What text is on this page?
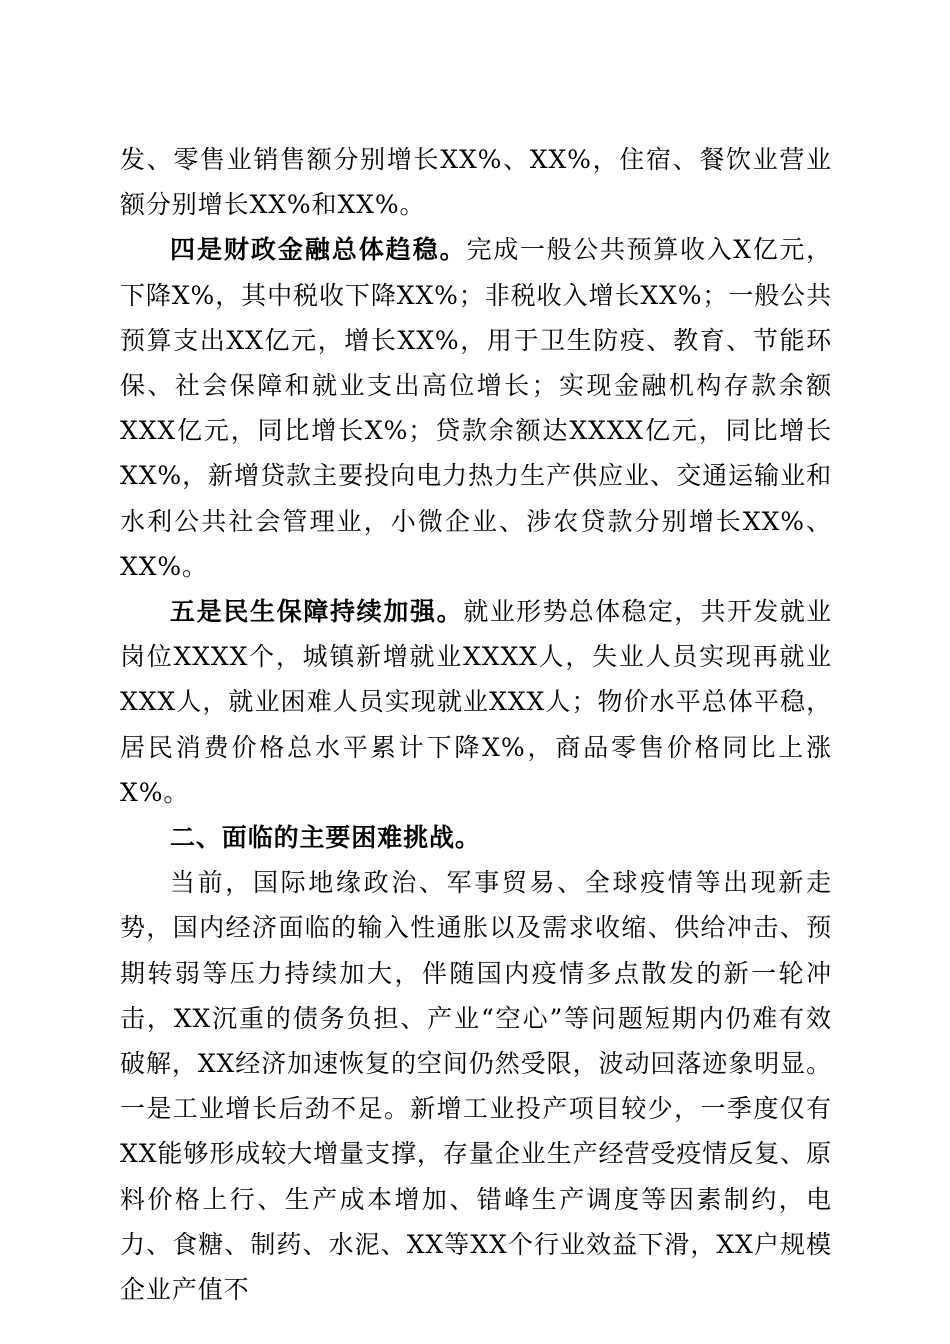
发、零售业销售额分别增长XX%、XX%，住宿、餐饮业营业额分别增长XX%和XX%。

四是财政金融总体趋稳。完成一般公共预算收入X亿元，下降X%，其中税收下降XX%；非税收入增长XX%；一般公共预算支出XX亿元，增长XX%，用于卫生防疫、教育、节能环保、社会保障和就业支出高位增长；实现金融机构存款余额XXX亿元，同比增长X%；贷款余额达XXXX亿元，同比增长XX%，新增贷款主要投向电力热力生产供应业、交通运输业和水利公共社会管理业，小微企业、涉农贷款分别增长XX%、XX%。

五是民生保障持续加强。就业形势总体稳定，共开发就业岗位XXXX个，城镇新增就业XXXX人，失业人员实现再就业XXX人，就业困难人员实现就业XXX人；物价水平总体平稳，居民消费价格总水平累计下降X%，商品零售价格同比上涨X%。

二、面临的主要困难挑战。

当前，国际地缘政治、军事贸易、全球疫情等出现新走势，国内经济面临的输入性通胀以及需求收缩、供给冲击、预期转弱等压力持续加大，伴随国内疫情多点散发的新一轮冲击，XX沉重的债务负担、产业“空心”等问题短期内仍难有效破解，XX经济加速恢复的空间仍然受限，波动回落迹象明显。一是工业增长后劲不足。新增工业投产项目较少，一季度仅有XX能够形成较大增量支撑，存量企业生产经营受疫情反复、原料价格上行、生产成本增加、错峰生产调度等因素制约，电力、食糖、制药、水泥、XX等XX个行业效益下滑，XX户规模企业产值不
